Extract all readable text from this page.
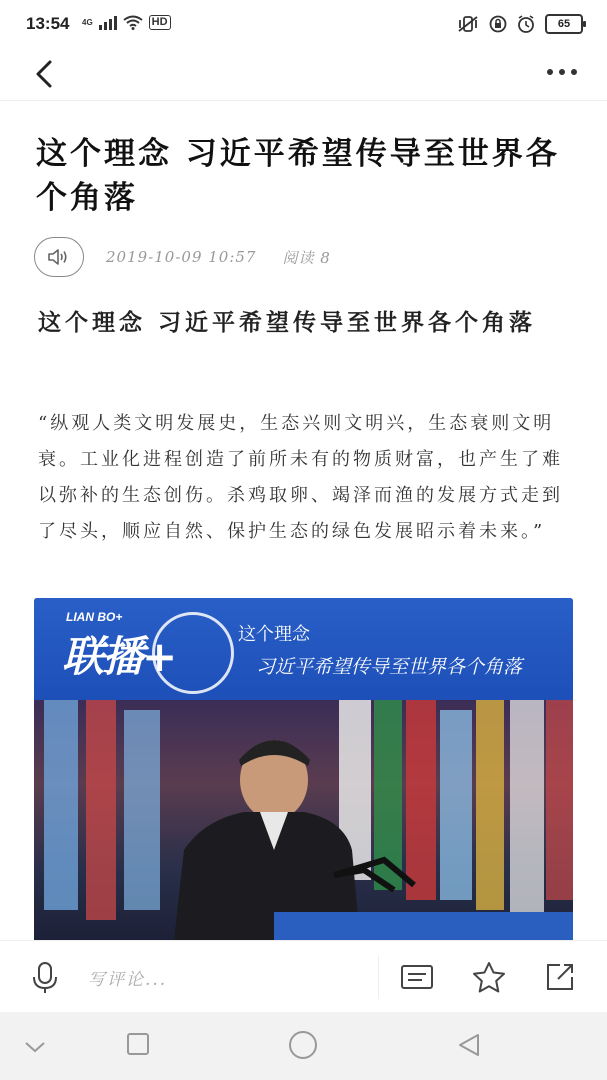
13:54 4G	HD	65
这个理念 习近平希望传导至世界各个角落
2019-10-09 10:57 阅读 8
这个理念 习近平希望传导至世界各个角落
“纵观人类文明发展史，生态兴则文明兴，生态衰则文明衰。工业化进程创造了前所未有的物质财富，也产生了难以弥补的生态创伤。杀鸡取卵、竭泽而渔的发展方式走到了尽头，顺应自然、保护生态的绿色发展昭示着未来。”
LIAN BO+
联播+	这个理念
习近平希望传导至世界各个角落
写评论...
